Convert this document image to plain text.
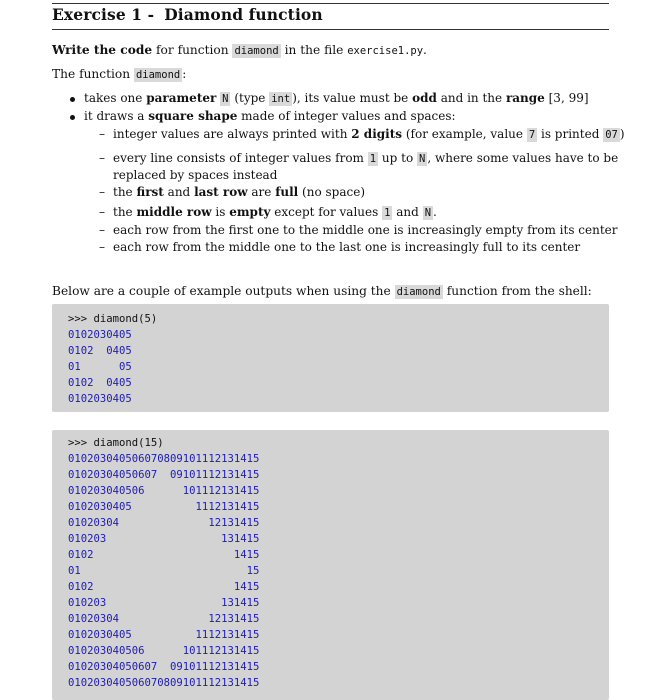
Exercise 1 - Diamond function
Write the code for function diamond in the file exercise1.py.
The function diamond :
takes one parameter N (type int ), its value must be odd and in the range [3, 99]
it draws a square shape made of integer values and spaces:
– integer values are always printed with 2 digits (for example, value 7 is printed 07 )
– every line consists of integer values from 1 up to N , where some values have to be
replaced by spaces instead
– the first and last row are full (no space)
– the middle row is empty except for values 1 and N .
– each row from the first one to the middle one is increasingly empty from its center
– each row from the middle one to the last one is increasingly full to its center
Below are a couple of example outputs when using the diamond function from the shell:
>>> diamond(5)
0102030405
0102  0405
01      05
0102  0405
0102030405
>>> diamond(15)
010203040506070809101112131415
01020304050607  09101112131415
010203040506      101112131415
0102030405          1112131415
01020304              12131415
010203                  131415
0102                      1415
01                          15
0102                      1415
010203                  131415
01020304              12131415
0102030405          1112131415
010203040506      101112131415
01020304050607  09101112131415
010203040506070809101112131415
